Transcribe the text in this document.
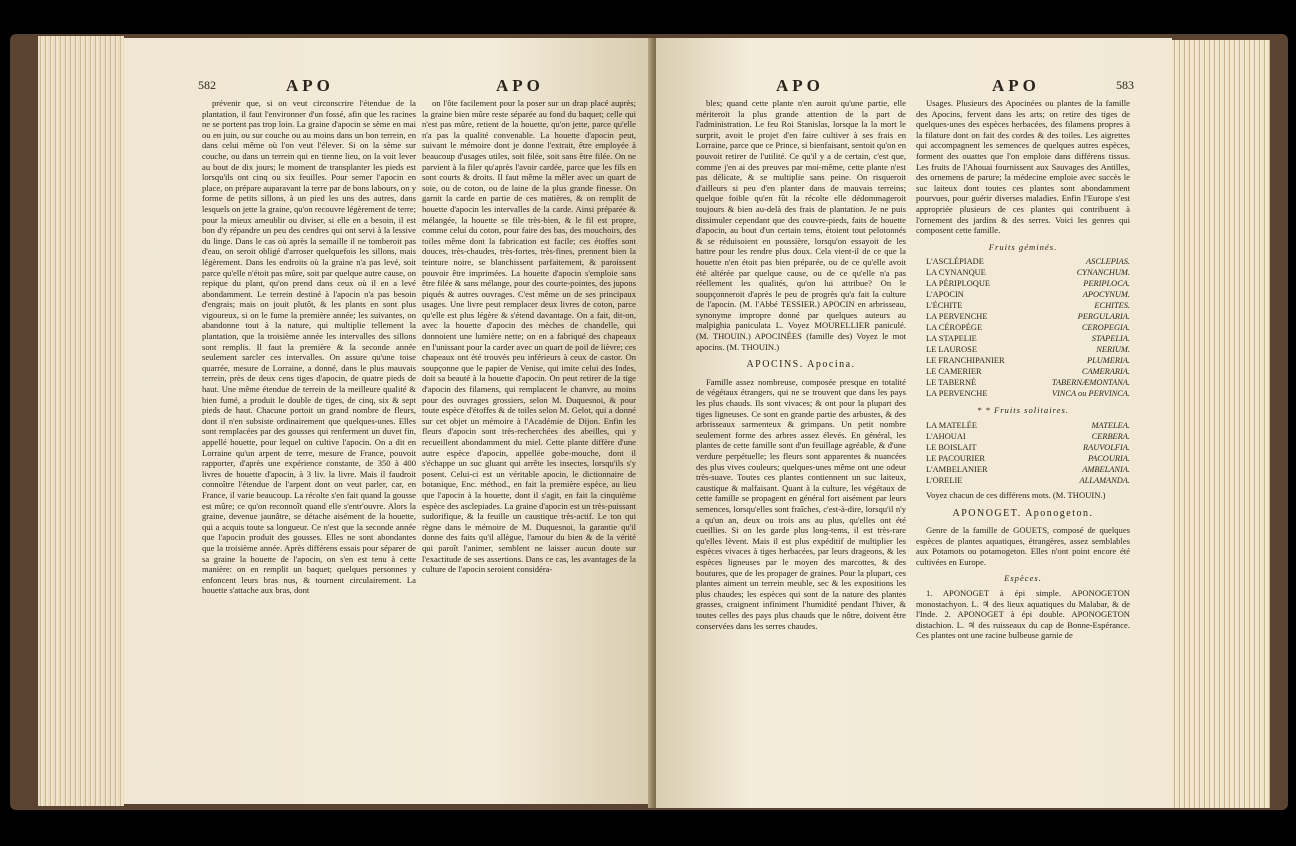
582	APO	APO

prévenir que, si on veut circonscrire l'étendue de la plantation, il faut l'environner d'un fossé, afin que les racines ne se portent pas trop loin. La graine d'apocin se sème en mai ou en juin, ou sur couche ou au moins dans un bon terrein, en dans celui même où l'on veut l'élever. Si on la sème sur couche, ou dans un terrein qui en tienne lieu, on la voit lever au bout de dix jours; le moment de transplanter les pieds est lorsqu'ils ont cinq ou six feuilles. Pour semer l'apocin en place, on prépare auparavant la terre par de bons labours, on y forme de petits sillons, à un pied les uns des autres, dans lesquels on jette la graine, qu'on recouvre légèrement de terre; pour la mieux ameublir ou diviser, si elle en a besoin, il est bon d'y répandre un peu des cendres qui ont servi à la lessive du linge. Dans le cas où après la semaille il ne tomberoit pas d'eau, on seroit obligé d'arroser quelquefois les sillons, mais légèrement. Dans les endroits où la graine n'a pas levé, soit parce qu'elle n'étoit pas mûre, soit par quelque autre cause, on repique du plant, qu'on prend dans ceux où il en a levé abondamment. Le terrein destiné à l'apocin n'a pas besoin d'engrais; mais on jouit plutôt, & les plants en sont plus vigoureux, si on le fume la première année; les suivantes, on abandonne tout à la nature, qui multiplie tellement la plantation, que la troisième année les intervalles des sillons sont remplis. Il faut la première & la seconde année seulement sarcler ces intervalles. On assure qu'une toise quarrée, mesure de Lorraine, a donné, dans le plus mauvais terrein, près de deux cens tiges d'apocin, de quatre pieds de haut. Une même étendue de terrein de la meilleure qualité & bien fumé, a produit le double de tiges, de cinq, six & sept pieds de haut. Chacune portoit un grand nombre de fleurs, dont il n'en subsiste ordinairement que quelques-unes. Elles sont remplacées par des gousses qui renferment un duvet fin, appellé houette, pour lequel on cultive l'apocin. On a dit en Lorraine qu'un arpent de terre, mesure de France, pouvoit rapporter, d'après une expérience constante, de 350 à 400 livres de houette d'apocin, à 3 liv. la livre. Mais il faudroit connoître l'étendue de l'arpent dont on veut parler, car, en France, il varie beaucoup. La récolte s'en fait quand la gousse est mûre; ce qu'on reconnoît quand elle s'entr'ouvre. Alors la graine, devenue jaunâtre, se détache aisément de la houette, qui a acquis toute sa longueur. Ce n'est que la seconde année que l'apocin produit des gousses. Elles ne sont abondantes que la troisième année. Après différens essais pour séparer de sa graine la houette de l'apocin, on s'en est tenu à cette manière: on en remplit un baquet; quelques personnes y enfoncent leurs bras nus, & tournent circulairement. La houette s'attache aux bras, dont

on l'ôte facilement pour la poser sur un drap placé auprès; la graine bien mûre reste séparée au fond du baquet; celle qui n'est pas mûre, retient de la houette, qu'on jette, parce qu'elle n'a pas la qualité convenable. La houette d'apocin peut, suivant le mémoire dont je donne l'extrait, être employée à beaucoup d'usages utiles, soit filée, soit sans être filée. On ne parvient à la filer qu'après l'avoir cardée, parce que les fils en sont courts & droits. Il faut même la mêler avec un quart de soie, ou de coton, ou de laine de la plus grande finesse. On garnit la carde en partie de ces matières, & on remplit de houette d'apocin les intervalles de la carde. Ainsi préparée & mélangée, la houette se file très-bien, & le fil est propre, comme celui du coton, pour faire des bas, des mouchoirs, des toiles même dont la fabrication est facile; ces étoffes sont douces, très-chaudes, très-fortes, très-fines, prennent bien la teinture noire, se blanchissent parfaitement, & paroissent pouvoir être imprimées. La houette d'apocin s'emploie sans être filée & sans mélange, pour des courte-pointes, des jupons piqués & autres ouvrages. C'est même un de ses principaux usages. Une livre peut remplacer deux livres de coton, parce qu'elle est plus légère & s'étend davantage. On a fait, dit-on, avec la houette d'apocin des mèches de chandelle, qui donnoient une lumière nette; on en a fabriqué des chapeaux en l'unissant pour la carder avec un quart de poil de lièvre; ces chapeaux ont été trouvés peu inférieurs à ceux de castor. On soupçonne que le papier de Venise, qui imite celui des Indes, doit sa beauté à la houette d'apocin. On peut retirer de la tige d'apocin des filamens, qui remplacent le chanvre, au moins pour des ouvrages grossiers, selon M. Duquesnoi, & pour toute espèce d'étoffes & de toiles selon M. Gelot, qui a donné sur cet objet un mémoire à l'Académie de Dijon. Enfin les fleurs d'apocin sont très-recherchées des abeilles, qui y recueillent abondamment du miel. Cette plante diffère d'une autre espèce d'apocin, appellée gobe-mouche, dont il s'échappe un suc gluant qui arrête les insectes, lorsqu'ils s'y posent. Celui-ci est un véritable apocin, le dictionnaire de botanique, Enc. méthod., en fait la première espèce, au lieu que l'apocin à la houette, dont il s'agit, en fait la cinquième espèce des asclepiades. La graine d'apocin est un très-puissant sudorifique, & la feuille un caustique très-actif. Le ton qui règne dans le mémoire de M. Duquesnoi, la garantie qu'il donne des faits qu'il allègue, l'amour du bien & de la vérité qui paroît l'animer, semblent ne laisser aucun doute sur l'exactitude de ses assertions. Dans ce cas, les avantages de la culture de l'apocin seroient considéra-

APO	APO	583

bles; quand cette plante n'en auroit qu'une partie, elle mériteroit la plus grande attention de la part de l'administration. Le feu Roi Stanislas, lorsque la la mort le surprit, avoit le projet d'en faire cultiver à ses frais en Lorraine, parce que ce Prince, si bienfaisant, sentoit qu'on en pouvoit retirer de l'utilité. Ce qu'il y a de certain, c'est que, comme j'en ai des preuves par moi-même, cette plante n'est pas délicate, & se multiplie sans peine. On risqueroit d'ailleurs si peu d'en planter dans de mauvais terreins; quelque foible qu'en fût la récolte elle dédommageroit toujours & bien au-delà des frais de plantation. Je ne puis dissimuler cependant que des couvre-pieds, faits de houette d'apocin, au bout d'un certain tems, étoient tout pelotonnés & se réduisoient en poussière, lorsqu'on essayoit de les battre pour les rendre plus doux. Cela vient-il de ce que la houette n'en étoit pas bien préparée, ou de ce qu'elle avoit été altérée par quelque cause, ou de ce qu'elle n'a pas réellement les qualités, qu'on lui attribue? On le soupçonneroit d'après le peu de progrès qu'a fait la culture de l'apocin. (M. l'Abbé TESSIER.) APOCIN en arbrisseau, synonyme impropre donné par quelques auteurs au malpighia paniculata L. Voyez MOURELLIER paniculé. (M. THOUIN.) APOCINÉES (famille des) Voyez le mot apocins. (M. THOUIN.)

APOCINS. Apocina.

Famille assez nombreuse, composée presque en totalité de végétaux étrangers, qui ne se trouvent que dans les pays les plus chauds. Ils sont vivaces; & ont pour la plupart des tiges ligneuses. Ce sont en grande partie des arbustes, & des arbrisseaux sarmenteux & grimpans. Un petit nombre seulement forme des arbres assez élevés. En général, les plantes de cette famille sont d'un feuillage agréable, & d'une verdure perpétuelle; les fleurs sont apparentes & nuancées des plus vives couleurs; quelques-unes même ont une odeur très-suave. Toutes ces plantes contiennent un suc laiteux, caustique & malfaisant. Quant à la culture, les végétaux de cette famille se propagent en général fort aisément par leurs semences, lorsqu'elles sont fraîches, c'est-à-dire, lorsqu'il n'y a qu'un an, deux ou trois ans au plus, qu'elles ont été cueillies. Si on les garde plus long-tems, il est très-rare qu'elles lèvent. Mais il est plus expéditif de multiplier les espèces vivaces à tiges herbacées, par leurs drageons, & les espèces ligneuses par le moyen des marcottes, & des boutures, que de les propager de graines. Pour la plupart, ces plantes aiment un terrein meuble, sec & les expositions les plus chaudes; les espèces qui sont de la nature des plantes grasses, craignent infiniment l'humidité pendant l'hiver, & toutes celles des pays plus chauds que le nôtre, doivent être conservées dans les serres chaudes.

Usages. Plusieurs des Apocinées ou plantes de la famille des Apocins, fervent dans les arts; on retire des tiges de quelques-unes des espèces herbacées, des filamens propres à la filature dont on fait des cordes & des toiles. Les aigrettes qui accompagnent les semences de quelques autres espèces, forment des ouattes que l'on emploie dans différens tissus. Les fruits de l'Ahouai fournissent aux Sauvages des Antilles, des ornemens de parure; la médecine emploie avec succès le suc laiteux dont toutes ces plantes sont abondamment pourvues, pour guérir diverses maladies. Enfin l'Europe s'est appropriée plusieurs de ces plantes qui contribuent à l'ornement des jardins & des serres. Voici les genres qui composent cette famille.

Fruits géminés.
L'ASCLÉPIADE	ASCLEPIAS.
LA CYNANQUE	CYNANCHUM.
LA PÉRIPLOQUE	PERIPLOCA.
L'APOCIN	APOCYNUM.
L'ÉCHITE	ECHITES.
LA PERVENCHE	PERGULARIA.
LA CÉROPÉGE	CEROPEGIA.
LA STAPELIE	STAPELIA.
LE LAUROSE	NERIUM.
LE FRANCHIPANIER	PLUMERIA.
LE CAMERIER	CAMERARIA.
LE TABERNÉ	TABERNÆMONTANA.
LA PERVENCHE	VINCA ou PERVINCA.
* * Fruits solitaires.
LA MATELÉE	MATELEA.
L'AHOUAI	CERBERA.
LE BOISLAIT	RAUVOLFIA.
LE PACOURIER	PACOURIA.
L'AMBELANIER	AMBELANIA.
L'ORELIE	ALLAMANDA.

Voyez chacun de ces différens mots. (M. THOUIN.)

APONOGET. Aponogeton.

Genre de la famille de GOUETS, composé de quelques espèces de plantes aquatiques, étrangères, assez semblables aux Potamots ou potamogeton. Elles n'ont point encore été cultivées en Europe.

Espèces.

1. APONOGET à épi simple. APONOGETON monostachyon. L. ♃ des lieux aquatiques du Malabar, & de l'Inde. 2. APONOGET à épi double. APONOGETON distachion. L. ♃ des ruisseaux du cap de Bonne-Espérance. Ces plantes ont une racine bulbeuse garnie de
